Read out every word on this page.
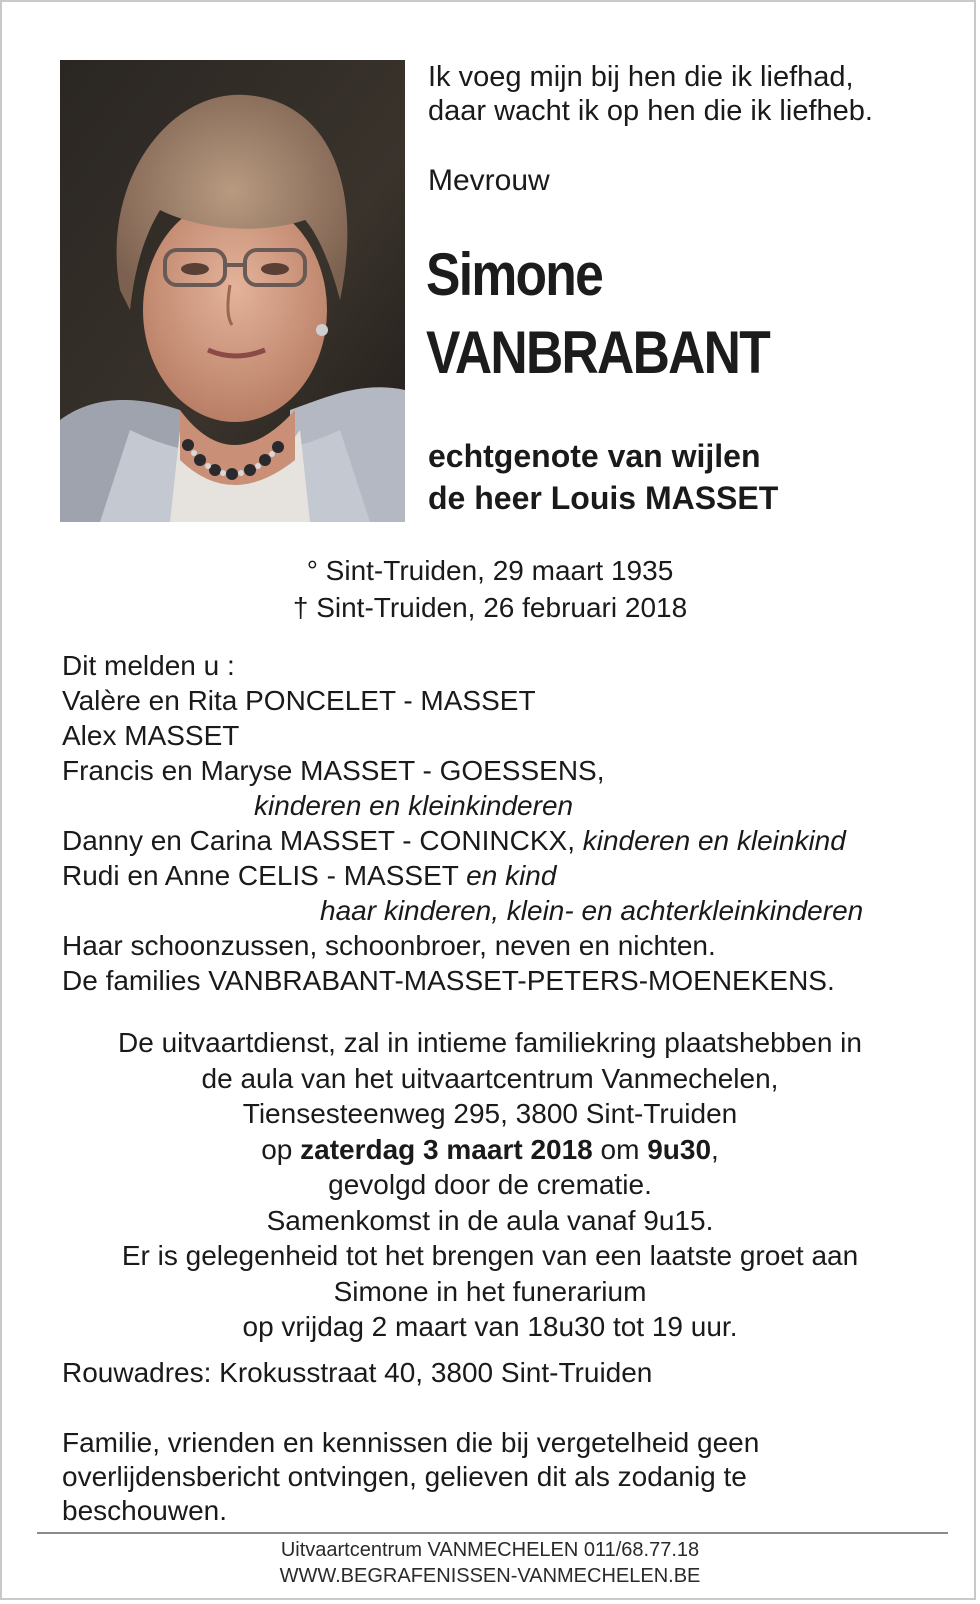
Ik voeg mijn bij hen die ik liefhad,
daar wacht ik op hen die ik liefheb.

Mevrouw

Simone

VANBRABANT

echtgenote van wijlen
de heer Louis MASSET

° Sint-Truiden, 29 maart 1935
† Sint-Truiden, 26 februari 2018

Dit melden u :
Valère en Rita PONCELET - MASSET
Alex MASSET
Francis en Maryse MASSET - GOESSENS,
kinderen en kleinkinderen
Danny en Carina MASSET - CONINCKX, kinderen en kleinkind
Rudi en Anne CELIS - MASSET en kind
haar kinderen, klein- en achterkleinkinderen
Haar schoonzussen, schoonbroer, neven en nichten.
De families VANBRABANT-MASSET-PETERS-MOENEKENS.

De uitvaartdienst, zal in intieme familiekring plaatshebben in
de aula van het uitvaartcentrum Vanmechelen,
Tiensesteenweg 295, 3800 Sint-Truiden
op zaterdag 3 maart 2018 om 9u30,
gevolgd door de crematie.
Samenkomst in de aula vanaf 9u15.
Er is gelegenheid tot het brengen van een laatste groet aan
Simone in het funerarium
op vrijdag 2 maart van 18u30 tot 19 uur.

Rouwadres: Krokusstraat 40, 3800 Sint-Truiden

Familie, vrienden en kennissen die bij vergetelheid geen
overlijdensbericht ontvingen, gelieven dit als zodanig te
beschouwen.

Uitvaartcentrum VANMECHELEN 011/68.77.18
WWW.BEGRAFENISSEN-VANMECHELEN.BE
